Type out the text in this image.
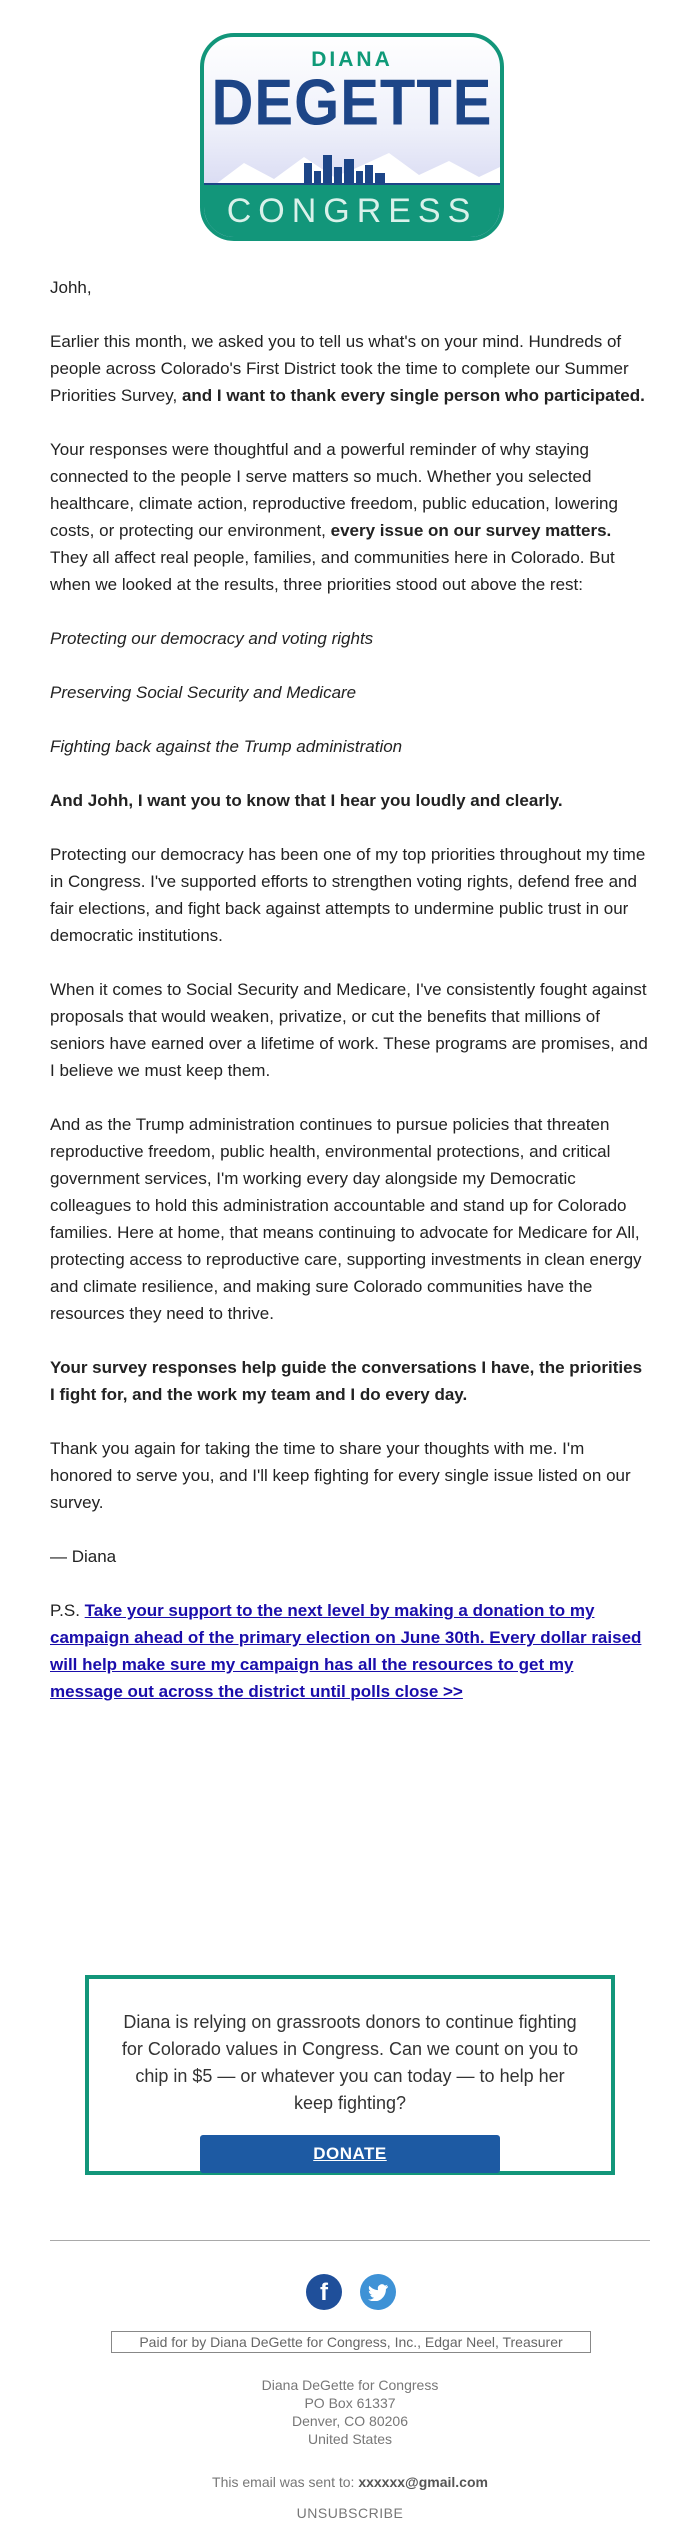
DIANA
DEGETTE
CONGRESS

Johh,

Earlier this month, we asked you to tell us what's on your mind. Hundreds of people across Colorado's First District took the time to complete our Summer Priorities Survey, and I want to thank every single person who participated.

Your responses were thoughtful and a powerful reminder of why staying connected to the people I serve matters so much. Whether you selected healthcare, climate action, reproductive freedom, public education, lowering costs, or protecting our environment, every issue on our survey matters. They all affect real people, families, and communities here in Colorado. But when we looked at the results, three priorities stood out above the rest:

Protecting our democracy and voting rights

Preserving Social Security and Medicare

Fighting back against the Trump administration

And Johh, I want you to know that I hear you loudly and clearly.

Protecting our democracy has been one of my top priorities throughout my time in Congress. I've supported efforts to strengthen voting rights, defend free and fair elections, and fight back against attempts to undermine public trust in our democratic institutions.

When it comes to Social Security and Medicare, I've consistently fought against proposals that would weaken, privatize, or cut the benefits that millions of seniors have earned over a lifetime of work. These programs are promises, and I believe we must keep them.

And as the Trump administration continues to pursue policies that threaten reproductive freedom, public health, environmental protections, and critical government services, I'm working every day alongside my Democratic colleagues to hold this administration accountable and stand up for Colorado families. Here at home, that means continuing to advocate for Medicare for All, protecting access to reproductive care, supporting investments in clean energy and climate resilience, and making sure Colorado communities have the resources they need to thrive.

Your survey responses help guide the conversations I have, the priorities I fight for, and the work my team and I do every day.

Thank you again for taking the time to share your thoughts with me. I'm honored to serve you, and I'll keep fighting for every single issue listed on our survey.

— Diana

P.S. Take your support to the next level by making a donation to my campaign ahead of the primary election on June 30th. Every dollar raised will help make sure my campaign has all the resources to get my message out across the district until polls close >>

Diana is relying on grassroots donors to continue fighting for Colorado values in Congress. Can we count on you to chip in $5 — or whatever you can today — to help her keep fighting?
DONATE
f
Paid for by Diana DeGette for Congress, Inc., Edgar Neel, Treasurer
Diana DeGette for Congress
PO Box 61337
Denver, CO 80206
United States
This email was sent to: xxxxxx@gmail.com
UNSUBSCRIBE
